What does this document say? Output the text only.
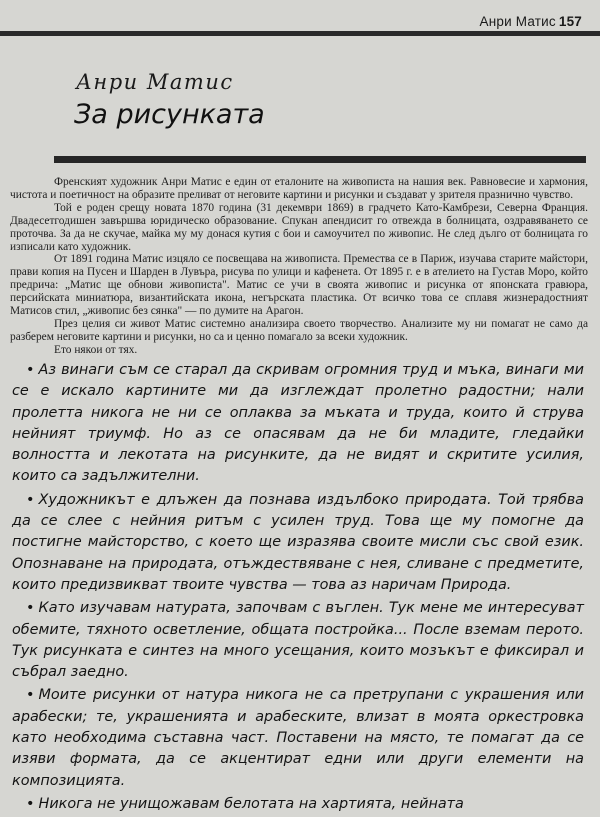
Анри Матис 157
Анри Матис
За рисунката

Френският художник Анри Матис е един от еталоните на живописта на нашия век. Равновесие и хармония, чистота и поетичност на образите преливат от неговите картини и рисунки и създават у зрителя празнично чувство.

Той е роден срещу новата 1870 година (31 декември 1869) в градчето Като-Камбрези, Северна Франция. Двадесетгодишен завършва юридическо образование. Спукан апендисит го отвежда в болницата, оздравяването се проточва. За да не скучае, майка му му донася кутия с бои и самоучител по живопис. Не след дълго от болницата го изписали като художник.

От 1891 година Матис изцяло се посвещава на живописта. Премества се в Париж, изучава старите майстори, прави копия на Пусен и Шарден в Лувъра, рисува по улици и кафенета. От 1895 г. е в ателието на Густав Моро, който предрича: „Матис ще обнови живописта". Матис се учи в своята живопис и рисунка от японската гравюра, персийската миниатюра, византийската икона, негърската пластика. От всичко това се сплавя жизнерадостният Матисов стил, „живопис без сянка" — по думите на Арагон.

През целия си живот Матис системно анализира своето творчество. Анализите му ни помагат не само да разберем неговите картини и рисунки, но са и ценно помагало за всеки художник.

Ето някои от тях.

• Аз винаги съм се старал да скривам огромния труд и мъка, винаги ми се е искало картините ми да изглеждат пролетно радостни; нали пролетта никога не ни се оплаква за мъката и труда, които й струва нейният триумф. Но аз се опасявам да не би младите, гледайки волността и лекотата на рисунките, да не видят и скритите усилия, които са задължителни.

• Художникът е длъжен да познава издълбоко природата. Той трябва да се слее с нейния ритъм с усилен труд. Това ще му помогне да постигне майсторство, с което ще изразява своите мисли със свой език. Опознаване на природата, отъждествяване с нея, сливане с предметите, които предизвикват твоите чувства — това аз наричам Природа.

• Като изучавам натурата, започвам с въглен. Тук мене ме интересуват обемите, тяхното осветление, общата постройка... После вземам перото. Тук рисунката е синтез на много усещания, които мозъкът е фиксирал и събрал заедно.

• Моите рисунки от натура никога не са претрупани с украшения или арабески; те, украшенията и арабеските, влизат в моята оркестровка като необходима съставна част. Поставени на място, те помагат да се изяви формата, да се акцентират едни или други елементи на композицията.

• Никога не унищожавам белотата на хартията, нейната
